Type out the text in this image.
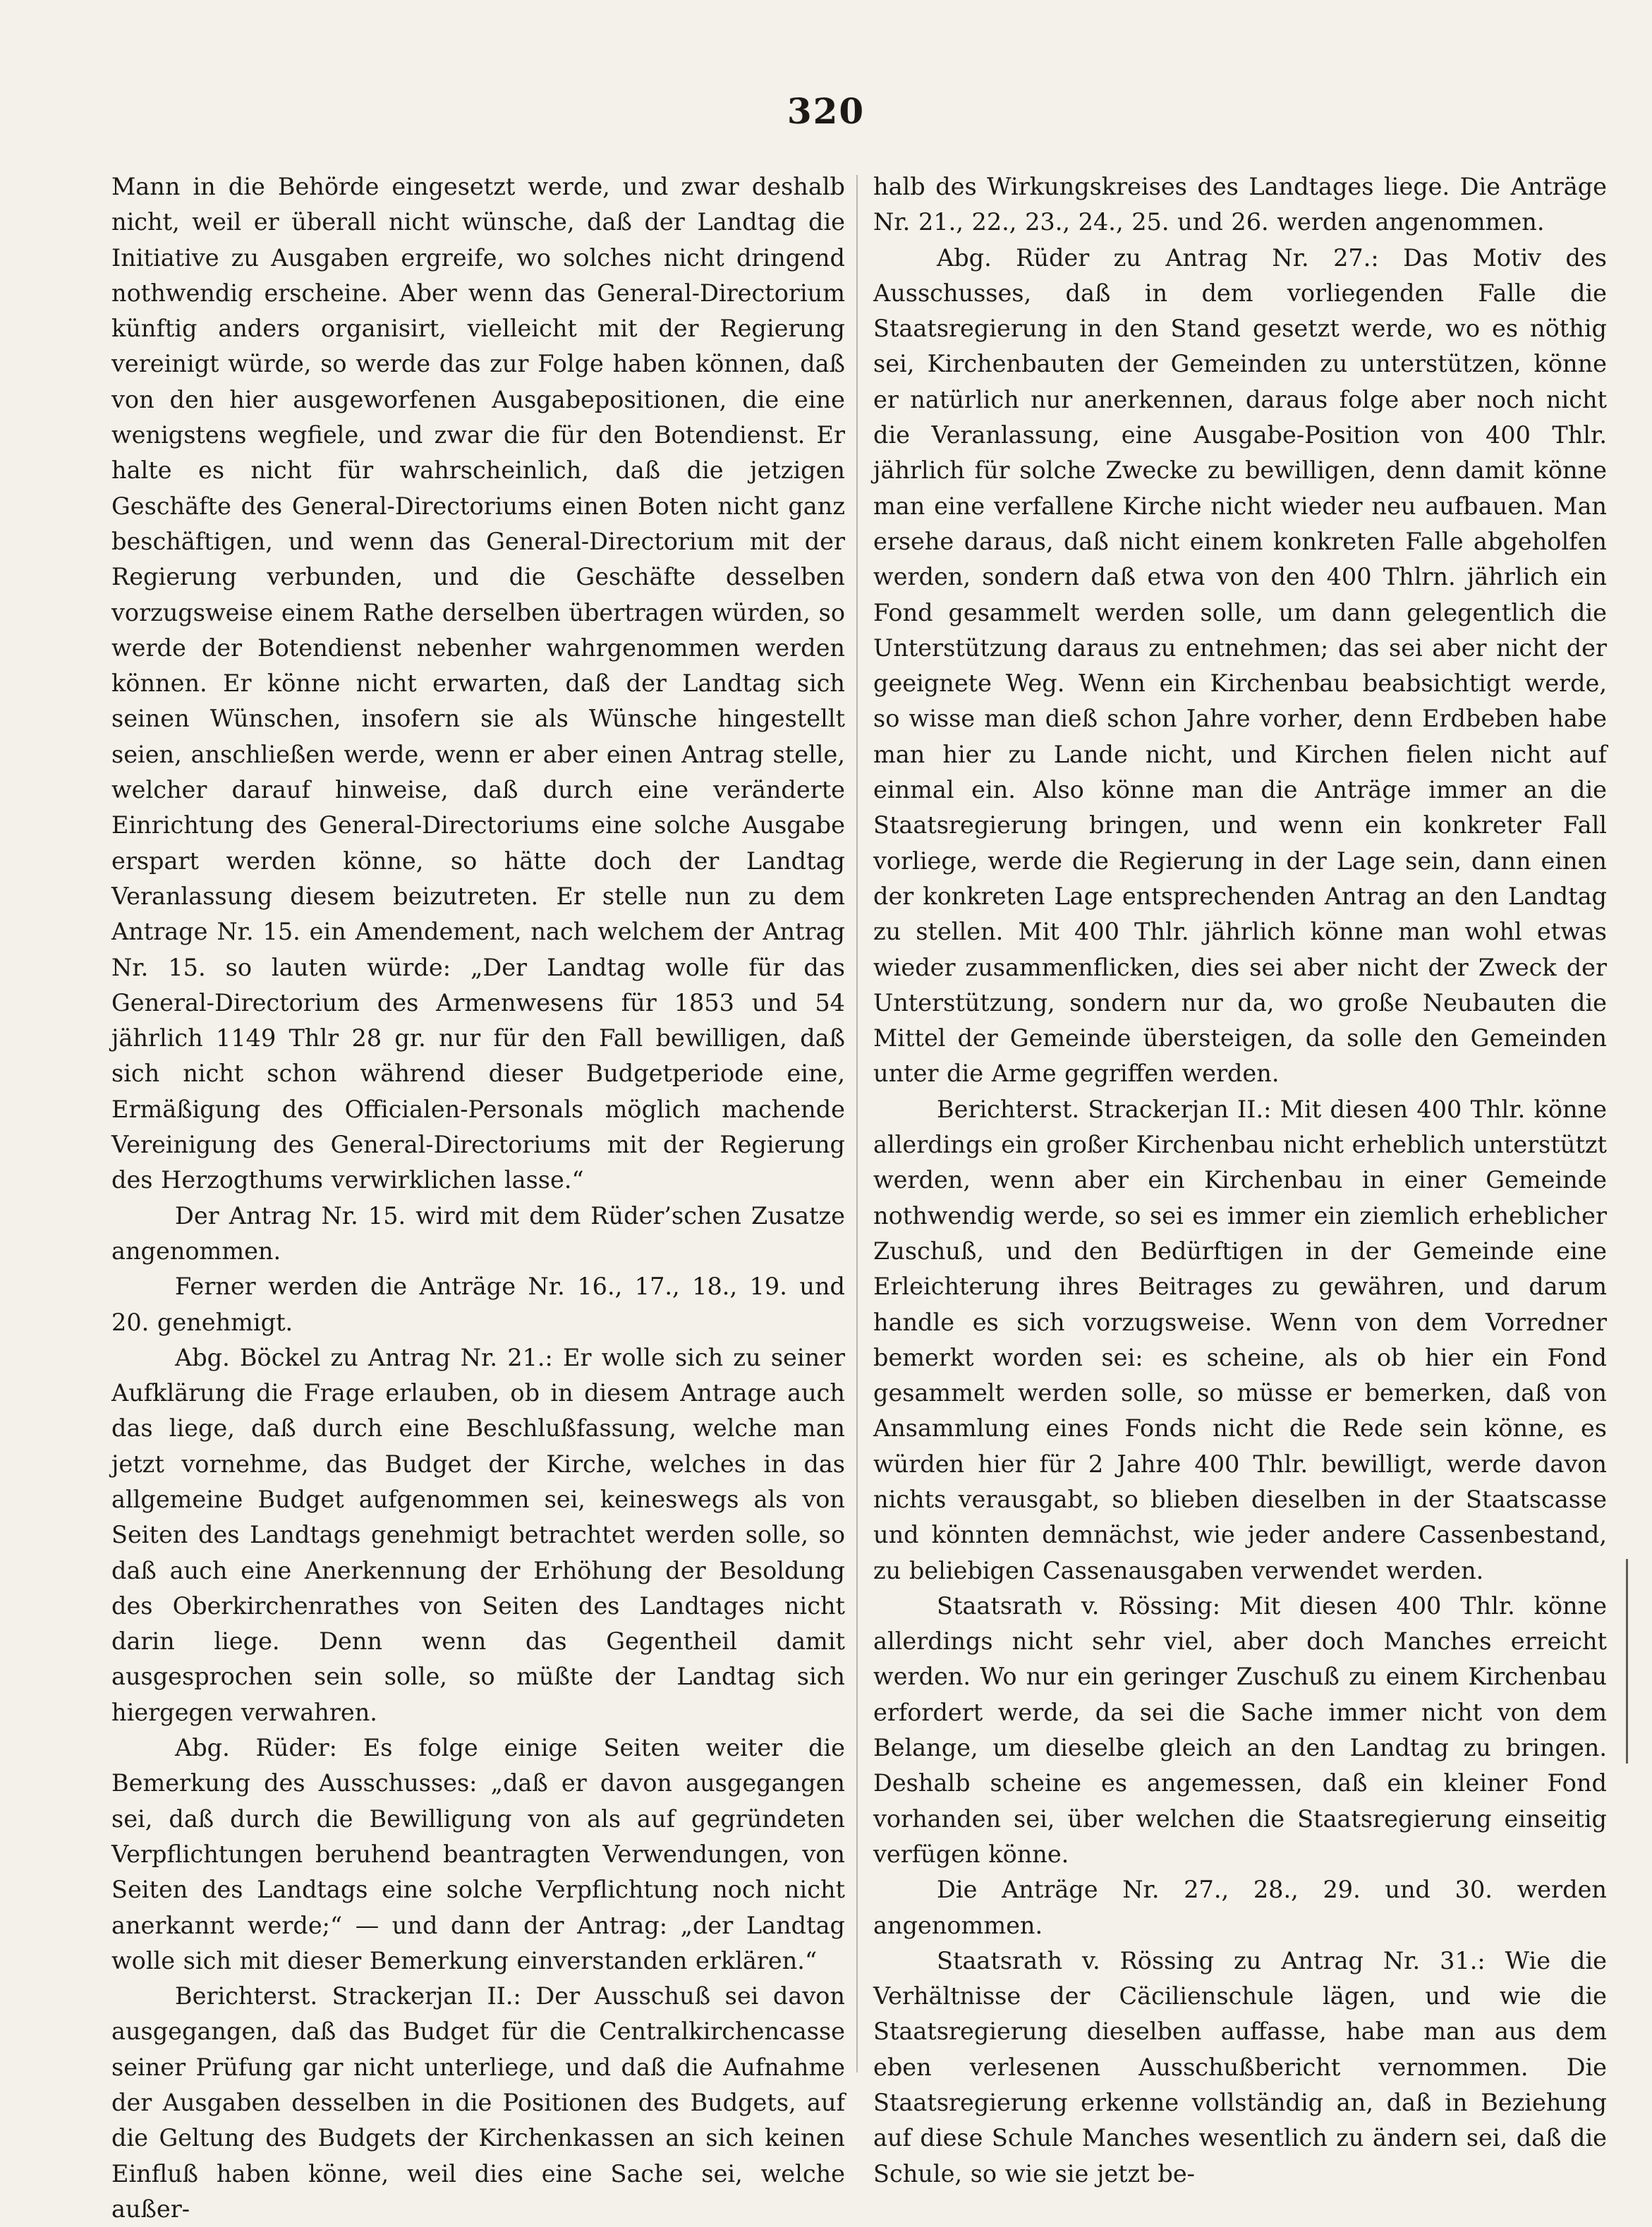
320

Mann in die Behörde eingesetzt werde, und zwar deshalb nicht, weil er überall nicht wünsche, daß der Landtag die Initiative zu Ausgaben ergreife, wo solches nicht dringend nothwendig erscheine. Aber wenn das General-Directorium künftig anders organisirt, vielleicht mit der Regierung vereinigt würde, so werde das zur Folge haben können, daß von den hier ausgeworfenen Ausgabepositionen, die eine wenigstens wegfiele, und zwar die für den Botendienst. Er halte es nicht für wahrscheinlich, daß die jetzigen Geschäfte des General-Directoriums einen Boten nicht ganz beschäftigen, und wenn das General-Directorium mit der Regierung verbunden, und die Geschäfte desselben vorzugsweise einem Rathe derselben übertragen würden, so werde der Botendienst nebenher wahrgenommen werden können. Er könne nicht erwarten, daß der Landtag sich seinen Wünschen, insofern sie als Wünsche hingestellt seien, anschließen werde, wenn er aber einen Antrag stelle, welcher darauf hinweise, daß durch eine veränderte Einrichtung des General-Directoriums eine solche Ausgabe erspart werden könne, so hätte doch der Landtag Veranlassung diesem beizutreten. Er stelle nun zu dem Antrage Nr. 15. ein Amendement, nach welchem der Antrag Nr. 15. so lauten würde: „Der Landtag wolle für das General-Directorium des Armenwesens für 1853 und 54 jährlich 1149 Thlr 28 gr. nur für den Fall bewilligen, daß sich nicht schon während dieser Budgetperiode eine, Ermäßigung des Officialen-Personals möglich machende Vereinigung des General-Directoriums mit der Regierung des Herzogthums verwirklichen lasse.“

Der Antrag Nr. 15. wird mit dem Rüder’schen Zusatze angenommen.

Ferner werden die Anträge Nr. 16., 17., 18., 19. und 20. genehmigt.

Abg. Böckel zu Antrag Nr. 21.: Er wolle sich zu seiner Aufklärung die Frage erlauben, ob in diesem Antrage auch das liege, daß durch eine Beschlußfassung, welche man jetzt vornehme, das Budget der Kirche, welches in das allgemeine Budget aufgenommen sei, keineswegs als von Seiten des Landtags genehmigt betrachtet werden solle, so daß auch eine Anerkennung der Erhöhung der Besoldung des Oberkirchenrathes von Seiten des Landtages nicht darin liege. Denn wenn das Gegentheil damit ausgesprochen sein solle, so müßte der Landtag sich hiergegen verwahren.

Abg. Rüder: Es folge einige Seiten weiter die Bemerkung des Ausschusses: „daß er davon ausgegangen sei, daß durch die Bewilligung von als auf gegründeten Verpflichtungen beruhend beantragten Verwendungen, von Seiten des Landtags eine solche Verpflichtung noch nicht anerkannt werde;“ — und dann der Antrag: „der Landtag wolle sich mit dieser Bemerkung einverstanden erklären.“

Berichterst. Strackerjan II.: Der Ausschuß sei davon ausgegangen, daß das Budget für die Centralkirchencasse seiner Prüfung gar nicht unterliege, und daß die Aufnahme der Ausgaben desselben in die Positionen des Budgets, auf die Geltung des Budgets der Kirchenkassen an sich keinen Einfluß haben könne, weil dies eine Sache sei, welche außer-

halb des Wirkungskreises des Landtages liege. Die Anträge Nr. 21., 22., 23., 24., 25. und 26. werden angenommen.

Abg. Rüder zu Antrag Nr. 27.: Das Motiv des Ausschusses, daß in dem vorliegenden Falle die Staatsregierung in den Stand gesetzt werde, wo es nöthig sei, Kirchenbauten der Gemeinden zu unterstützen, könne er natürlich nur anerkennen, daraus folge aber noch nicht die Veranlassung, eine Ausgabe-Position von 400 Thlr. jährlich für solche Zwecke zu bewilligen, denn damit könne man eine verfallene Kirche nicht wieder neu aufbauen. Man ersehe daraus, daß nicht einem konkreten Falle abgeholfen werden, sondern daß etwa von den 400 Thlrn. jährlich ein Fond gesammelt werden solle, um dann gelegentlich die Unterstützung daraus zu entnehmen; das sei aber nicht der geeignete Weg. Wenn ein Kirchenbau beabsichtigt werde, so wisse man dieß schon Jahre vorher, denn Erdbeben habe man hier zu Lande nicht, und Kirchen fielen nicht auf einmal ein. Also könne man die Anträge immer an die Staatsregierung bringen, und wenn ein konkreter Fall vorliege, werde die Regierung in der Lage sein, dann einen der konkreten Lage entsprechenden Antrag an den Landtag zu stellen. Mit 400 Thlr. jährlich könne man wohl etwas wieder zusammenflicken, dies sei aber nicht der Zweck der Unterstützung, sondern nur da, wo große Neubauten die Mittel der Gemeinde übersteigen, da solle den Gemeinden unter die Arme gegriffen werden.

Berichterst. Strackerjan II.: Mit diesen 400 Thlr. könne allerdings ein großer Kirchenbau nicht erheblich unterstützt werden, wenn aber ein Kirchenbau in einer Gemeinde nothwendig werde, so sei es immer ein ziemlich erheblicher Zuschuß, und den Bedürftigen in der Gemeinde eine Erleichterung ihres Beitrages zu gewähren, und darum handle es sich vorzugsweise. Wenn von dem Vorredner bemerkt worden sei: es scheine, als ob hier ein Fond gesammelt werden solle, so müsse er bemerken, daß von Ansammlung eines Fonds nicht die Rede sein könne, es würden hier für 2 Jahre 400 Thlr. bewilligt, werde davon nichts verausgabt, so blieben dieselben in der Staatscasse und könnten demnächst, wie jeder andere Cassenbestand, zu beliebigen Cassenausgaben verwendet werden.

Staatsrath v. Rössing: Mit diesen 400 Thlr. könne allerdings nicht sehr viel, aber doch Manches erreicht werden. Wo nur ein geringer Zuschuß zu einem Kirchenbau erfordert werde, da sei die Sache immer nicht von dem Belange, um dieselbe gleich an den Landtag zu bringen. Deshalb scheine es angemessen, daß ein kleiner Fond vorhanden sei, über welchen die Staatsregierung einseitig verfügen könne.

Die Anträge Nr. 27., 28., 29. und 30. werden angenommen.

Staatsrath v. Rössing zu Antrag Nr. 31.: Wie die Verhältnisse der Cäcilienschule lägen, und wie die Staatsregierung dieselben auffasse, habe man aus dem eben verlesenen Ausschußbericht vernommen. Die Staatsregierung erkenne vollständig an, daß in Beziehung auf diese Schule Manches wesentlich zu ändern sei, daß die Schule, so wie sie jetzt be-
